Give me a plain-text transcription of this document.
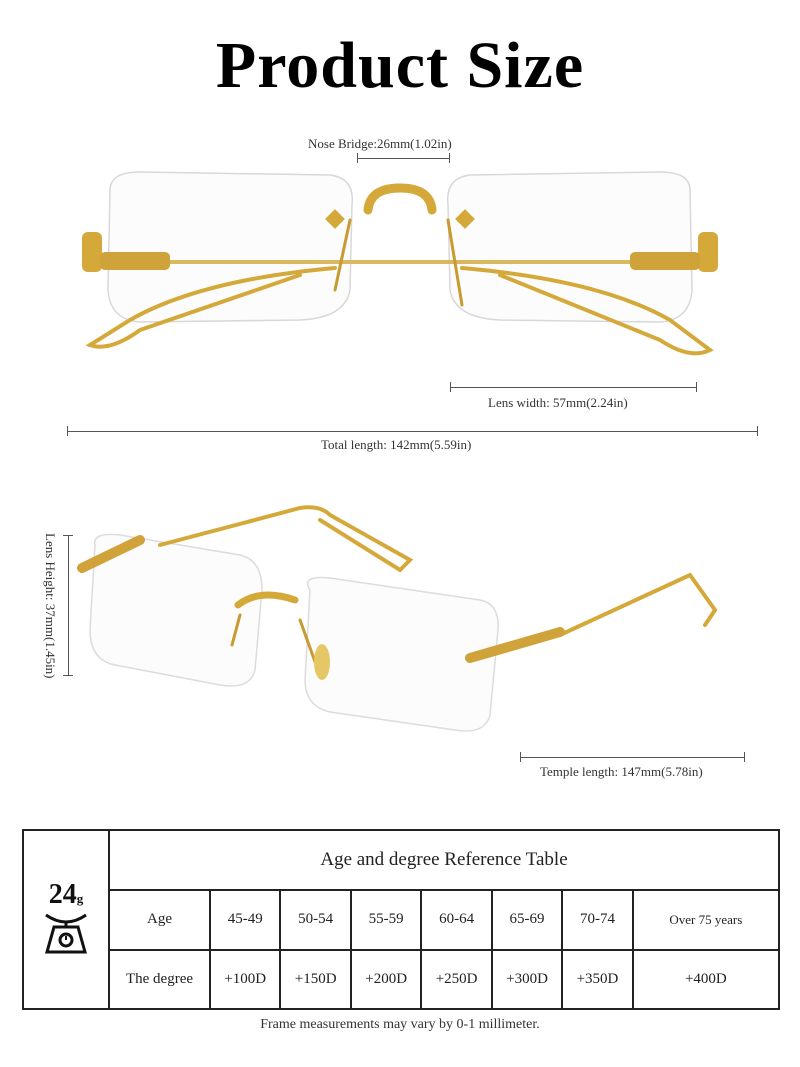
Product Size
Nose Bridge:26mm(1.02in)
Lens width: 57mm(2.24in)
Total length: 142mm(5.59in)
Lens Height: 37mm(1.45in)
Temple length: 147mm(5.78in)
24g	Age and degree Reference Table							
	Age	45-49	50-54	55-59	60-64	65-69	70-74	Over 75 years
	The degree	+100D	+150D	+200D	+250D	+300D	+350D	+400D
Frame measurements may vary by 0-1 millimeter.
